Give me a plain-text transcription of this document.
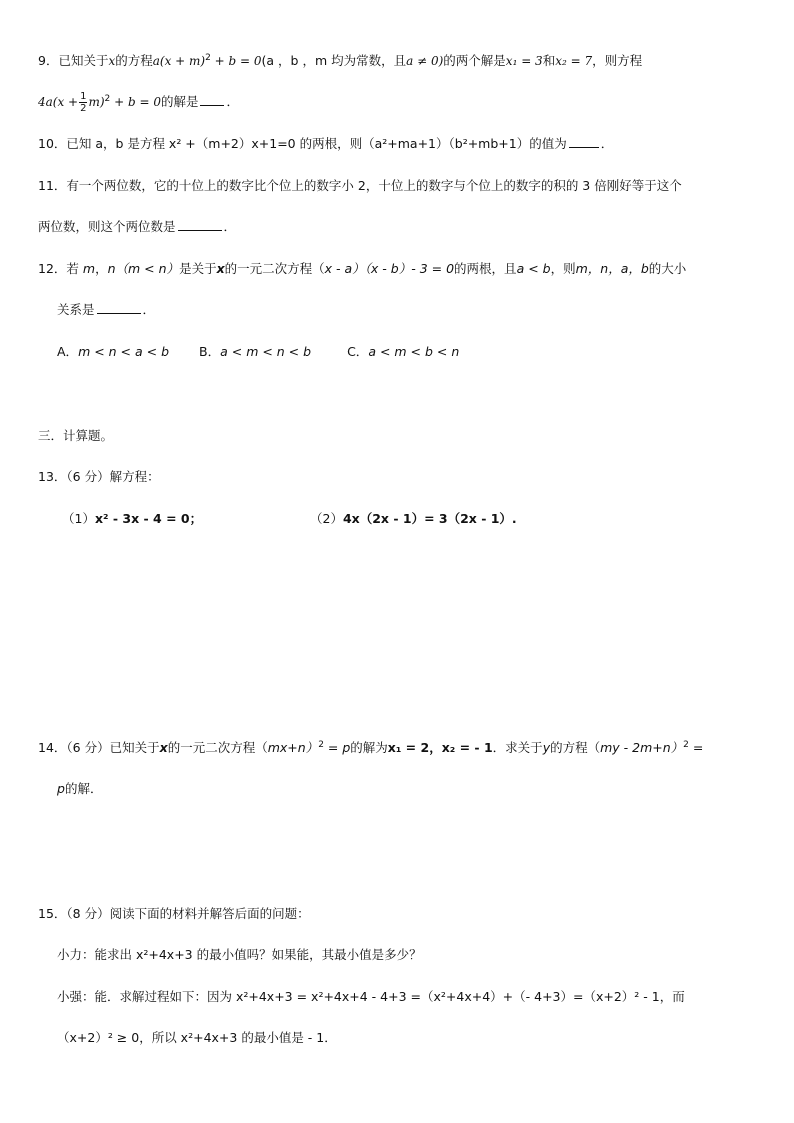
9．已知关于x的方程$a(x + m)^2 + b = 0(a$ ，b ，m 均为常数，且a ≠ 0)的两个解是x₁ = 3和x₂ = 7，则方程
$4a(x + \frac{1}{2} m)^2 + b = 0$的解是 ．
10．已知 a，b 是方程 x² +（m+2）x+1=0 的两根，则（a²+ma+1）（b²+mb+1）的值为	．
11．有一个两位数，它的十位上的数字比个位上的数字小 2，十位上的数字与个位上的数字的积的 3 倍刚好等于这个
两位数，则这个两位数是	．
12．若 m，n（m < n）是关于x的一元二次方程（x - a）（x - b）- 3 = 0的两根，且a < b，则m，n，a，b的大小
关系是	．
A．m < n < a < b B．a < m < n < b	C．a < m < b < n
三．计算题。
13．（6 分）解方程：
（1）x² - 3x - 4 = 0；	（2）4x（2x - 1）= 3（2x - 1）.
14．（6 分）已知关于x的一元二次方程$(mx+n)^2 = p$的解为x₁ = 2，x₂ = - 1．求关于y的方程（my - 2m+n）$^2$ =
p的解．
15．（8 分）阅读下面的材料并解答后面的问题：
小力：能求出 x²+4x+3 的最小值吗？如果能，其最小值是多少？
小强：能．求解过程如下：因为 x²+4x+3 = x²+4x+4 - 4+3 =（x²+4x+4）+（- 4+3）=（x+2）² - 1，而
（x+2）² ≥ 0，所以 x²+4x+3 的最小值是 - 1．
